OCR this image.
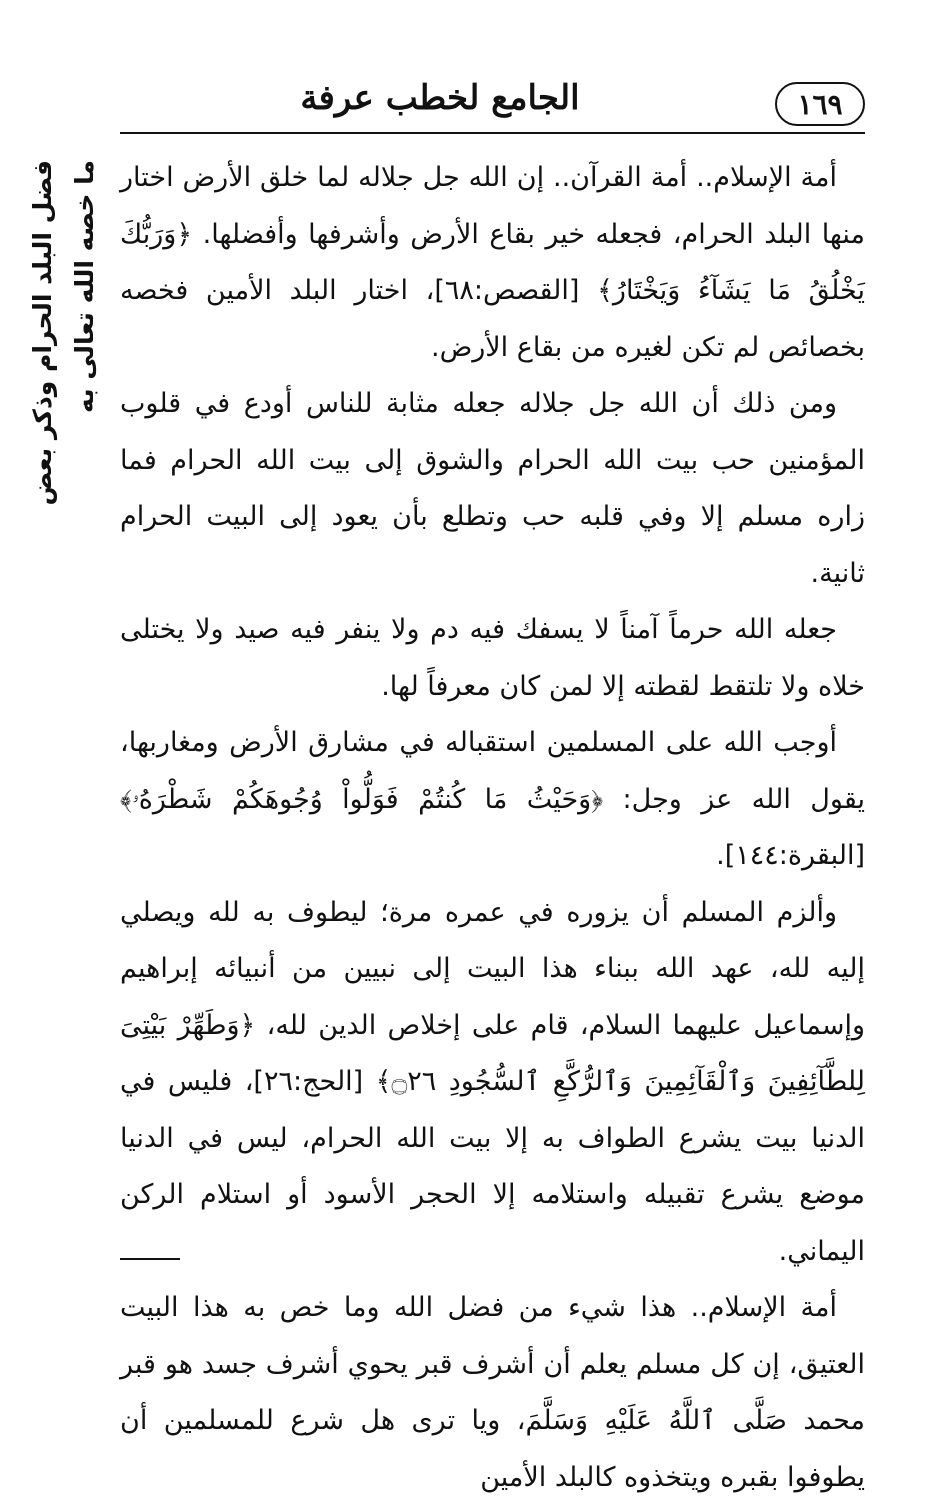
الجامع لخطب عرفة	١٦٩
فضل البلد الحرام وذكر بعض ما خصه الله تعالى به أمة الإسلام.. أمة القرآن.. إن الله جل جلاله لما خلق الأرض اختار منها البلد الحرام، فجعله خير بقاع الأرض وأشرفها وأفضلها. ﴿وَرَبُّكَ يَخْلُقُ مَا يَشَآءُ وَيَخْتَارُ﴾ [القصص:٦٨]، اختار البلد الأمين فخصه بخصائص لم تكن لغيره من بقاع الأرض.

ومن ذلك أن الله جل جلاله جعله مثابة للناس أودع في قلوب المؤمنين حب بيت الله الحرام والشوق إلى بيت الله الحرام فما زاره مسلم إلا وفي قلبه حب وتطلع بأن يعود إلى البيت الحرام ثانية.

جعله الله حرماً آمناً لا يسفك فيه دم ولا ينفر فيه صيد ولا يختلى خلاه ولا تلتقط لقطته إلا لمن كان معرفاً لها.

أوجب الله على المسلمين استقباله في مشارق الأرض ومغاربها، يقول الله عز وجل: ﴿وَحَيْثُ مَا كُنتُمْ فَوَلُّواْ وُجُوهَكُمْ شَطْرَهُۥ﴾ [البقرة:١٤٤].

وألزم المسلم أن يزوره في عمره مرة؛ ليطوف به لله ويصلي إليه لله، عهد الله ببناء هذا البيت إلى نبيين من أنبيائه إبراهيم وإسماعيل عليهما السلام، قام على إخلاص الدين لله، ﴿وَطَهِّرْ بَيْتِىَ لِلطَّآئِفِينَ وَٱلْقَآئِمِينَ وَٱلرُّكَّعِ ٱلسُّجُودِ ۝٢٦﴾ [الحج:٢٦]، فليس في الدنيا بيت يشرع الطواف به إلا بيت الله الحرام، ليس في الدنيا موضع يشرع تقبيله واستلامه إلا الحجر الأسود أو استلام الركن اليماني.

أمة الإسلام.. هذا شيء من فضل الله وما خص به هذا البيت العتيق، إن كل مسلم يعلم أن أشرف قبر يحوي أشرف جسد هو قبر محمد صَلَّى ٱللَّهُ عَلَيْهِ وَسَلَّمَ، ويا ترى هل شرع للمسلمين أن يطوفوا بقبره ويتخذوه كالبلد الأمين
